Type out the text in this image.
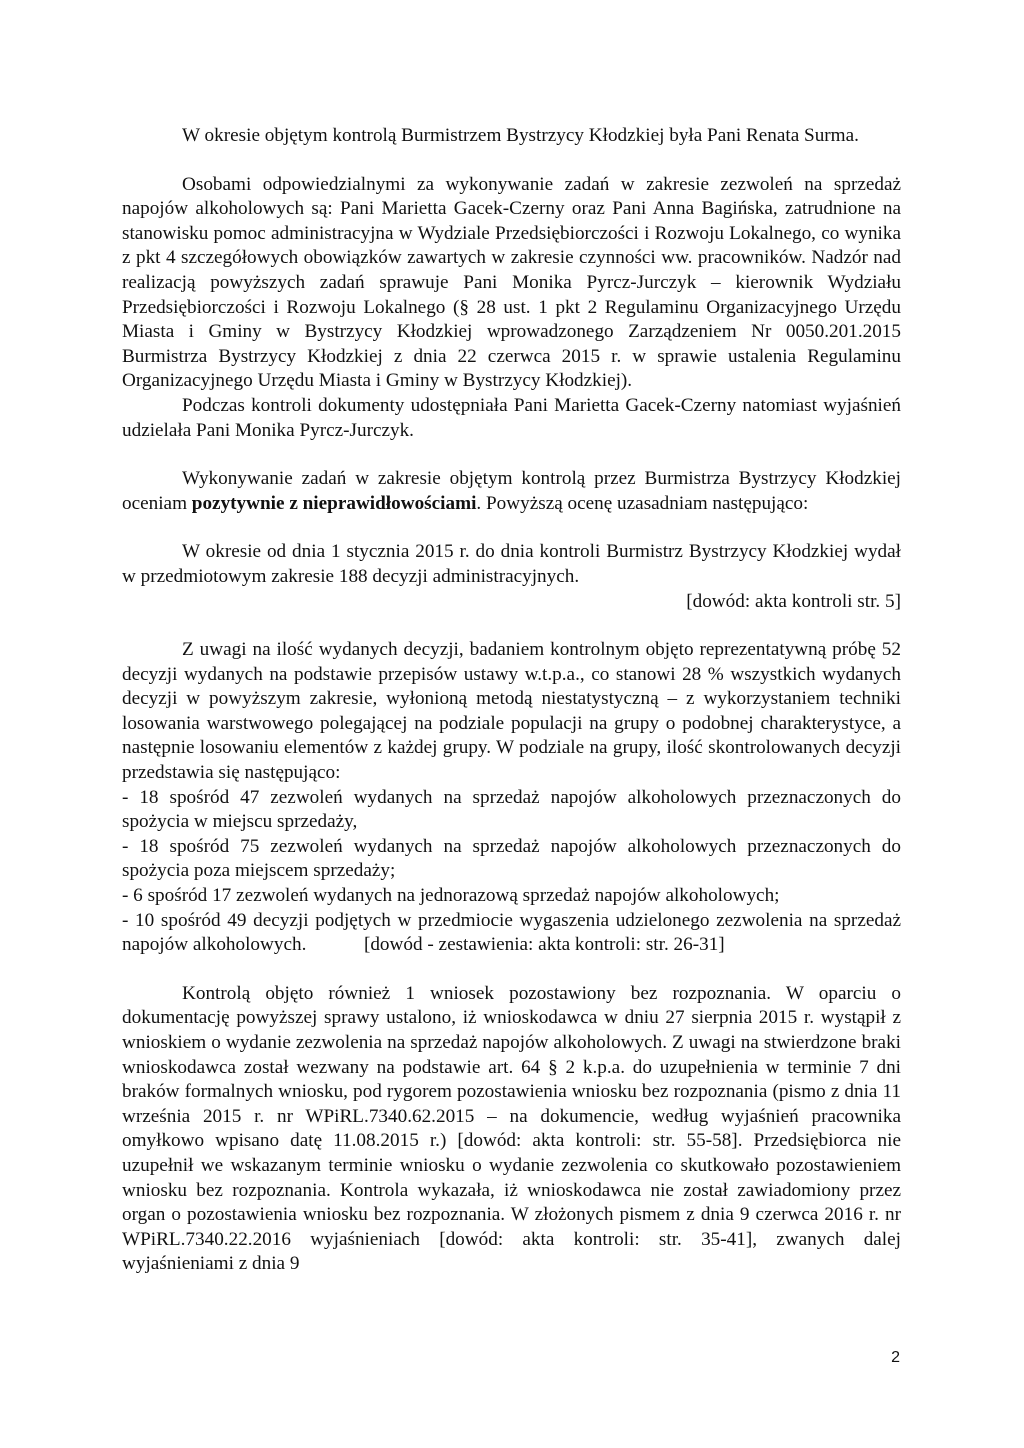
W okresie objętym kontrolą Burmistrzem Bystrzycy Kłodzkiej była Pani Renata Surma.

Osobami odpowiedzialnymi za wykonywanie zadań w zakresie zezwoleń na sprzedaż napojów alkoholowych są: Pani Marietta Gacek-Czerny oraz Pani Anna Bagińska, zatrudnione na stanowisku pomoc administracyjna w Wydziale Przedsiębiorczości i Rozwoju Lokalnego, co wynika z pkt 4 szczegółowych obowiązków zawartych w zakresie czynności ww. pracowników. Nadzór nad realizacją powyższych zadań sprawuje Pani Monika Pyrcz-Jurczyk – kierownik Wydziału Przedsiębiorczości i Rozwoju Lokalnego (§ 28 ust. 1 pkt 2 Regulaminu Organizacyjnego Urzędu Miasta i Gminy w Bystrzycy Kłodzkiej wprowadzonego Zarządzeniem Nr 0050.201.2015 Burmistrza Bystrzycy Kłodzkiej z dnia 22 czerwca 2015 r. w sprawie ustalenia Regulaminu Organizacyjnego Urzędu Miasta i Gminy w Bystrzycy Kłodzkiej).

Podczas kontroli dokumenty udostępniała Pani Marietta Gacek-Czerny natomiast wyjaśnień udzielała Pani Monika Pyrcz-Jurczyk.

Wykonywanie zadań w zakresie objętym kontrolą przez Burmistrza Bystrzycy Kłodzkiej oceniam pozytywnie z nieprawidłowościami. Powyższą ocenę uzasadniam następująco:

W okresie od dnia 1 stycznia 2015 r. do dnia kontroli Burmistrz Bystrzycy Kłodzkiej wydał w przedmiotowym zakresie 188 decyzji administracyjnych.

[dowód: akta kontroli str. 5]

Z uwagi na ilość wydanych decyzji, badaniem kontrolnym objęto reprezentatywną próbę 52 decyzji wydanych na podstawie przepisów ustawy w.t.p.a., co stanowi 28 % wszystkich wydanych decyzji w powyższym zakresie, wyłonioną metodą niestatystyczną – z wykorzystaniem techniki losowania warstwowego polegającej na podziale populacji na grupy o podobnej charakterystyce, a następnie losowaniu elementów z każdej grupy. W podziale na grupy, ilość skontrolowanych decyzji przedstawia się następująco:

- 18 spośród 47 zezwoleń wydanych na sprzedaż napojów alkoholowych przeznaczonych do spożycia w miejscu sprzedaży,

- 18 spośród 75 zezwoleń wydanych na sprzedaż napojów alkoholowych przeznaczonych do spożycia poza miejscem sprzedaży;

- 6 spośród 17 zezwoleń wydanych na jednorazową sprzedaż napojów alkoholowych;

- 10 spośród 49 decyzji podjętych w przedmiocie wygaszenia udzielonego zezwolenia na sprzedaż napojów alkoholowych.	[dowód - zestawienia: akta kontroli: str. 26-31]

Kontrolą objęto również 1 wniosek pozostawiony bez rozpoznania. W oparciu o dokumentację powyższej sprawy ustalono, iż wnioskodawca w dniu 27 sierpnia 2015 r. wystąpił z wnioskiem o wydanie zezwolenia na sprzedaż napojów alkoholowych. Z uwagi na stwierdzone braki wnioskodawca został wezwany na podstawie art. 64 § 2 k.p.a. do uzupełnienia w terminie 7 dni braków formalnych wniosku, pod rygorem pozostawienia wniosku bez rozpoznania (pismo z dnia 11 września 2015 r. nr WPiRL.7340.62.2015 – na dokumencie, według wyjaśnień pracownika omyłkowo wpisano datę 11.08.2015 r.) [dowód: akta kontroli: str. 55-58]. Przedsiębiorca nie uzupełnił we wskazanym terminie wniosku o wydanie zezwolenia co skutkowało pozostawieniem wniosku bez rozpoznania. Kontrola wykazała, iż wnioskodawca nie został zawiadomiony przez organ o pozostawienia wniosku bez rozpoznania. W złożonych pismem z dnia 9 czerwca 2016 r. nr WPiRL.7340.22.2016 wyjaśnieniach [dowód: akta kontroli: str. 35-41], zwanych dalej wyjaśnieniami z dnia 9

2
